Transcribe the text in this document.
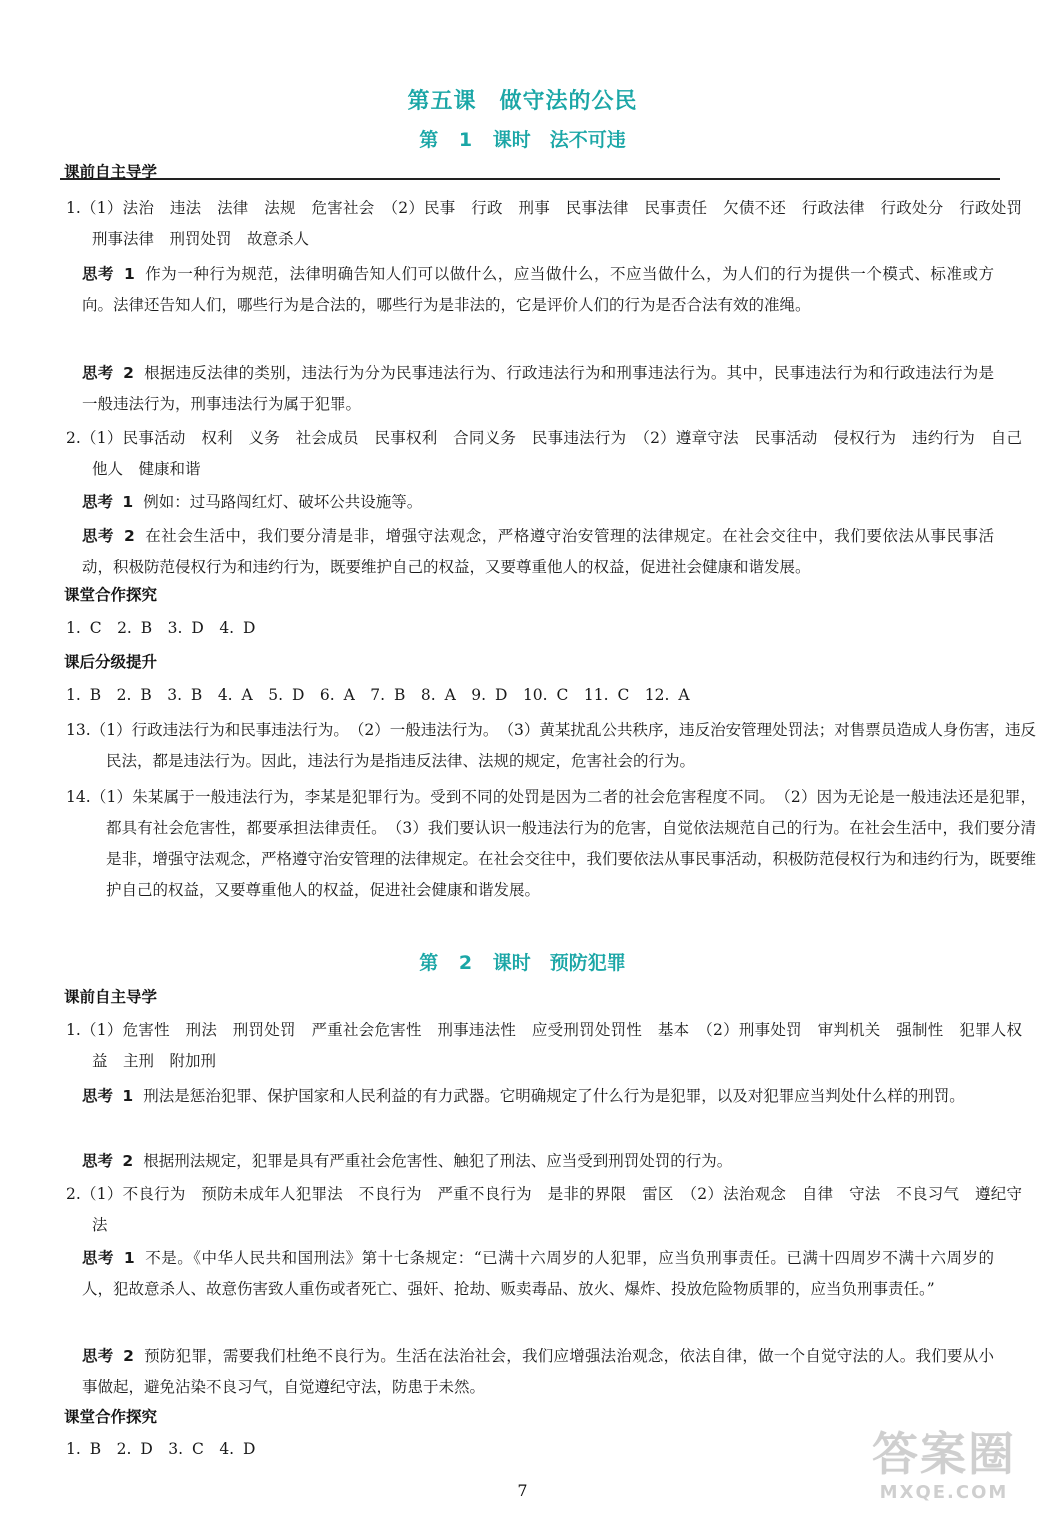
第五课　做守法的公民
第 1 课时　法不可违
课前自主导学
1.（1）法治　违法　法律　法规　危害社会　（2）民事　行政　刑事　民事法律　民事责任　欠债不还　行政法律　行政处分　行政处罚　刑事法律　刑罚处罚　故意杀人
思考 1 作为一种行为规范，法律明确告知人们可以做什么，应当做什么，不应当做什么，为人们的行为提供一个模式、标准或方向。法律还告知人们，哪些行为是合法的，哪些行为是非法的，它是评价人们的行为是否合法有效的准绳。
思考 2 根据违反法律的类别，违法行为分为民事违法行为、行政违法行为和刑事违法行为。其中，民事违法行为和行政违法行为是一般违法行为，刑事违法行为属于犯罪。
2.（1）民事活动　权利　义务　社会成员　民事权利　合同义务　民事违法行为　（2）遵章守法　民事活动　侵权行为　违约行为　自己　他人　健康和谐
思考 1 例如：过马路闯红灯、破坏公共设施等。
思考 2 在社会生活中，我们要分清是非，增强守法观念，严格遵守治安管理的法律规定。在社会交往中，我们要依法从事民事活动，积极防范侵权行为和违约行为，既要维护自己的权益，又要尊重他人的权益，促进社会健康和谐发展。
课堂合作探究
1. C　2. B　3. D　4. D
课后分级提升
1. B　2. B　3. B　4. A　5. D　6. A　7. B　8. A　9. D　10. C　11. C　12. A
13.（1）行政违法行为和民事违法行为。　（2）一般违法行为。　（3）黄某扰乱公共秩序，违反治安管理处罚法；对售票员造成人身伤害，违反民法，都是违法行为。因此，违法行为是指违反法律、法规的规定，危害社会的行为。
14.（1）朱某属于一般违法行为，李某是犯罪行为。受到不同的处罚是因为二者的社会危害程度不同。　（2）因为无论是一般违法还是犯罪，都具有社会危害性，都要承担法律责任。　（3）我们要认识一般违法行为的危害，自觉依法规范自己的行为。在社会生活中，我们要分清是非，增强守法观念，严格遵守治安管理的法律规定。在社会交往中，我们要依法从事民事活动，积极防范侵权行为和违约行为，既要维护自己的权益，又要尊重他人的权益，促进社会健康和谐发展。
第 2 课时　预防犯罪
课前自主导学
1.（1）危害性　刑法　刑罚处罚　严重社会危害性　刑事违法性　应受刑罚处罚性　基本　（2）刑事处罚　审判机关　强制性　犯罪人权益　主刑　附加刑
思考 1 刑法是惩治犯罪、保护国家和人民利益的有力武器。它明确规定了什么行为是犯罪，以及对犯罪应当判处什么样的刑罚。
思考 2 根据刑法规定，犯罪是具有严重社会危害性、触犯了刑法、应当受到刑罚处罚的行为。
2.（1）不良行为　预防未成年人犯罪法　不良行为　严重不良行为　是非的界限　雷区　（2）法治观念　自律　守法　不良习气　遵纪守法
思考 1 不是。《中华人民共和国刑法》第十七条规定：“已满十六周岁的人犯罪，应当负刑事责任。已满十四周岁不满十六周岁的人，犯故意杀人、故意伤害致人重伤或者死亡、强奸、抢劫、贩卖毒品、放火、爆炸、投放危险物质罪的，应当负刑事责任。”
思考 2 预防犯罪，需要我们杜绝不良行为。生活在法治社会，我们应增强法治观念，依法自律，做一个自觉守法的人。我们要从小事做起，避免沾染不良习气，自觉遵纪守法，防患于未然。
课堂合作探究
1. B　2. D　3. C　4. D
7
答案圈
MXQE.COM
